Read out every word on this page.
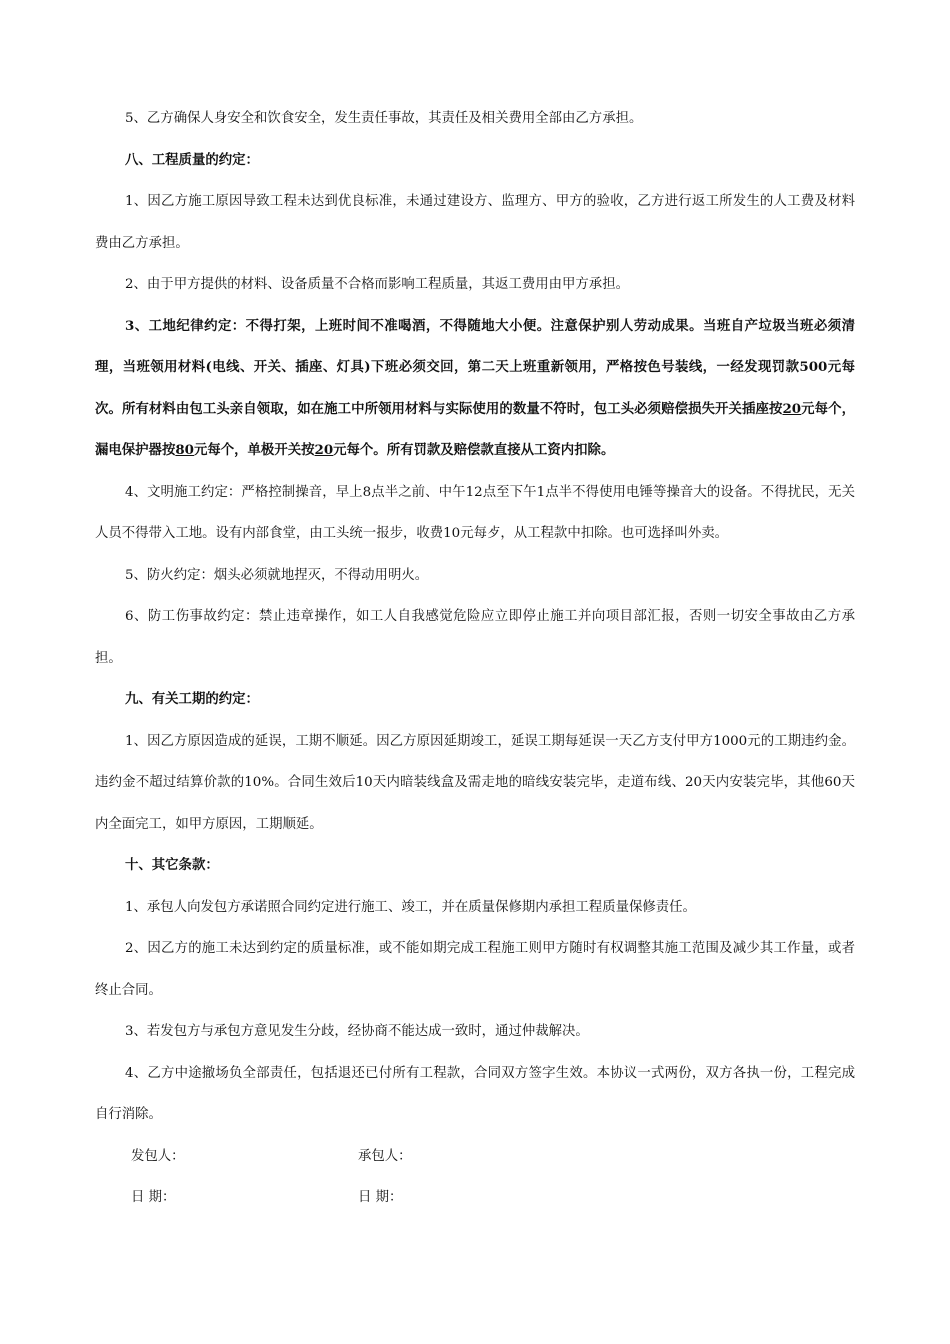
5、乙方确保人身安全和饮食安全，发生责任事故，其责任及相关费用全部由乙方承担。

八、工程质量的约定：

1、因乙方施工原因导致工程未达到优良标准，未通过建设方、监理方、甲方的验收，乙方进行返工所发生的人工费及材料费由乙方承担。

2、由于甲方提供的材料、设备质量不合格而影响工程质量，其返工费用由甲方承担。

3、工地纪律约定：不得打架，上班时间不准喝酒，不得随地大小便。注意保护别人劳动成果。当班自产垃圾当班必须清理，当班领用材料(电线、开关、插座、灯具)下班必须交回，第二天上班重新领用，严格按色号装线，一经发现罚款500元每次。所有材料由包工头亲自领取，如在施工中所领用材料与实际使用的数量不符时，包工头必须赔偿损失开关插座按20元每个，漏电保护器按80元每个，单极开关按20元每个。所有罚款及赔偿款直接从工资内扣除。

4、文明施工约定：严格控制操音，早上8点半之前、中午12点至下午1点半不得使用电锤等操音大的设备。不得扰民，无关人员不得带入工地。设有内部食堂，由工头统一报步，收费10元每歺，从工程款中扣除。也可选择叫外卖。

5、防火约定：烟头必须就地捏灭，不得动用明火。

6、防工伤事故约定：禁止违章操作，如工人自我感觉危险应立即停止施工并向项目部汇报，否则一切安全事故由乙方承担。

九、有关工期的约定：

1、因乙方原因造成的延误，工期不顺延。因乙方原因延期竣工，延误工期每延误一天乙方支付甲方1000元的工期违约金。违约金不超过结算价款的10%。合同生效后10天内暗装线盒及需走地的暗线安装完毕，走道布线、20天内安装完毕，其他60天内全面完工，如甲方原因，工期顺延。

十、其它条款：

1、承包人向发包方承诺照合同约定进行施工、竣工，并在质量保修期内承担工程质量保修责任。

2、因乙方的施工未达到约定的质量标准，或不能如期完成工程施工则甲方随时有权调整其施工范围及减少其工作量，或者终止合同。

3、若发包方与承包方意见发生分歧，经协商不能达成一致时，通过仲裁解决。

4、乙方中途撤场负全部责任，包括退还已付所有工程款，合同双方签字生效。本协议一式两份，双方各执一份，工程完成自行消除。

发包人：	承包人：
日 期：	日 期：
